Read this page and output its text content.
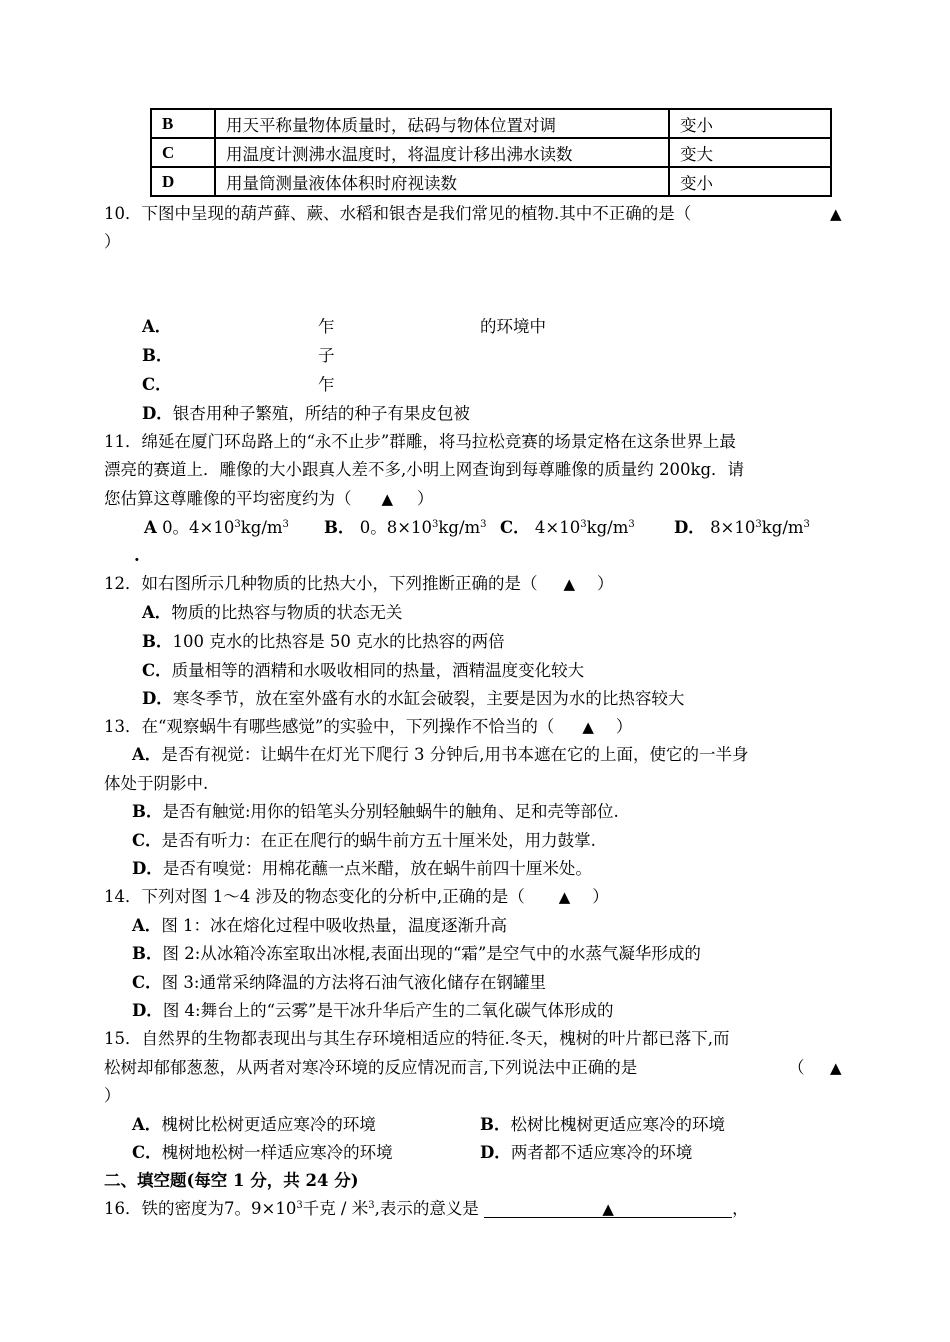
B	用天平称量物体质量时，砝码与物体位置对调	变小
C	用温度计测沸水温度时，将温度计移出沸水读数	变大
D	用量筒测量液体体积时府视读数	变小
10．下图中呈现的葫芦藓、蕨、水稻和银杏是我们常见的植物.其中不正确的是（	▲
）
A．	乍	的环境中
B．	子
C．	乍
D．银杏用种子繁殖，所结的种子有果皮包被
11．绵延在厦门环岛路上的“永不止步”群雕，将马拉松竞赛的场景定格在这条世界上最
漂亮的赛道上．雕像的大小跟真人差不多,小明上网查询到每尊雕像的质量约 200kg．请
您估算这尊雕像的平均密度约为（ ▲ ）
A 0。$4\times 10^3kg/m^3$ B． 0。$8\times 10^3kg/m^3$ C． $4\times 10^3kg/m^3$ D． $8\times 10^3kg/m^3$
.
12．如右图所示几种物质的比热大小，下列推断正确的是（ ▲ ）
A．物质的比热容与物质的状态无关
B．100 克水的比热容是 50 克水的比热容的两倍
C．质量相等的酒精和水吸收相同的热量，酒精温度变化较大
D．寒冬季节，放在室外盛有水的水缸会破裂，主要是因为水的比热容较大
13．在“观察蜗牛有哪些感觉”的实验中，下列操作不恰当的（ ▲ ）
A．是否有视觉：让蜗牛在灯光下爬行 3 分钟后,用书本遮在它的上面，使它的一半身
体处于阴影中.
B．是否有触觉:用你的铅笔头分别轻触蜗牛的触角、足和壳等部位.
C．是否有听力：在正在爬行的蜗牛前方五十厘米处，用力鼓掌.
D．是否有嗅觉：用棉花蘸一点米醋，放在蜗牛前四十厘米处。
14．下列对图 1～4 涉及的物态变化的分析中,正确的是（ ▲ ）
A．图 1：冰在熔化过程中吸收热量，温度逐渐升高
B．图 2:从冰箱冷冻室取出冰棍,表面出现的“霜”是空气中的水蒸气凝华形成的
C．图 3:通常采纳降温的方法将石油气液化储存在钢罐里
D．图 4:舞台上的“云雾”是干冰升华后产生的二氧化碳气体形成的
15．自然界的生物都表现出与其生存环境相适应的特征.冬天，槐树的叶片都已落下,而
松树却郁郁葱葱，从两者对寒冷环境的反应情况而言,下列说法中正确的是	（ ▲
）
A．槐树比松树更适应寒冷的环境	B．松树比槐树更适应寒冷的环境
C．槐树地松树一样适应寒冷的环境	D．两者都不适应寒冷的环境
二、填空题(每空 1 分，共 24 分)
16．铁的密度为7。$9\times 10^3$千克 / 米$^3$,表示的意义是	▲	，
